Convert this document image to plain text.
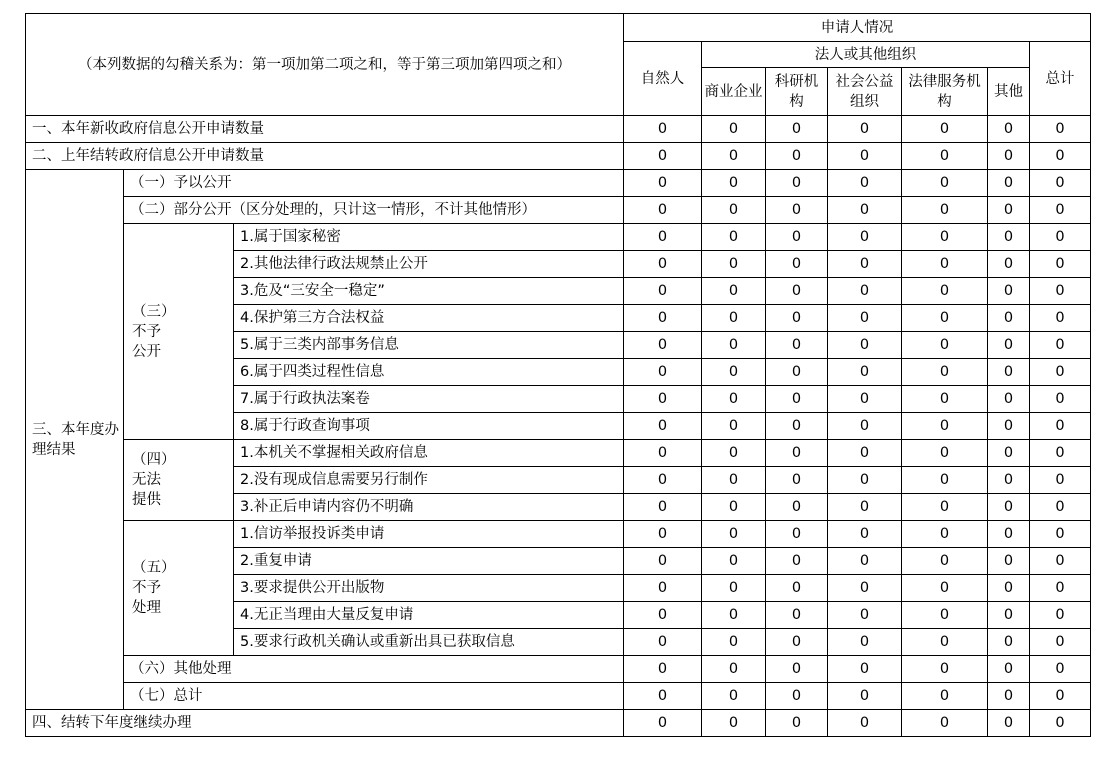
（本列数据的勾稽关系为：第一项加第二项之和，等于第三项加第四项之和）			申请人情况						
			自然人	法人或其他组织					总计
				商业企业	科研机构	社会公益组织	法律服务机构	其他	
一、本年新收政府信息公开申请数量			0	0	0	0	0	0	0
二、上年结转政府信息公开申请数量			0	0	0	0	0	0	0
三、本年度办理结果	（一）予以公开		0	0	0	0	0	0	0
	（二）部分公开（区分处理的，只计这一情形，不计其他情形）		0	0	0	0	0	0	0
	（三）不予公开	1.属于国家秘密	0	0	0	0	0	0	0
		2.其他法律行政法规禁止公开	0	0	0	0	0	0	0
		3.危及“三安全一稳定”	0	0	0	0	0	0	0
		4.保护第三方合法权益	0	0	0	0	0	0	0
		5.属于三类内部事务信息	0	0	0	0	0	0	0
		6.属于四类过程性信息	0	0	0	0	0	0	0
		7.属于行政执法案卷	0	0	0	0	0	0	0
		8.属于行政查询事项	0	0	0	0	0	0	0
	（四）无法提供	1.本机关不掌握相关政府信息	0	0	0	0	0	0	0
		2.没有现成信息需要另行制作	0	0	0	0	0	0	0
		3.补正后申请内容仍不明确	0	0	0	0	0	0	0
	（五）不予处理	1.信访举报投诉类申请	0	0	0	0	0	0	0
		2.重复申请	0	0	0	0	0	0	0
		3.要求提供公开出版物	0	0	0	0	0	0	0
		4.无正当理由大量反复申请	0	0	0	0	0	0	0
		5.要求行政机关确认或重新出具已获取信息	0	0	0	0	0	0	0
	（六）其他处理		0	0	0	0	0	0	0
	（七）总计		0	0	0	0	0	0	0
四、结转下年度继续办理			0	0	0	0	0	0	0
